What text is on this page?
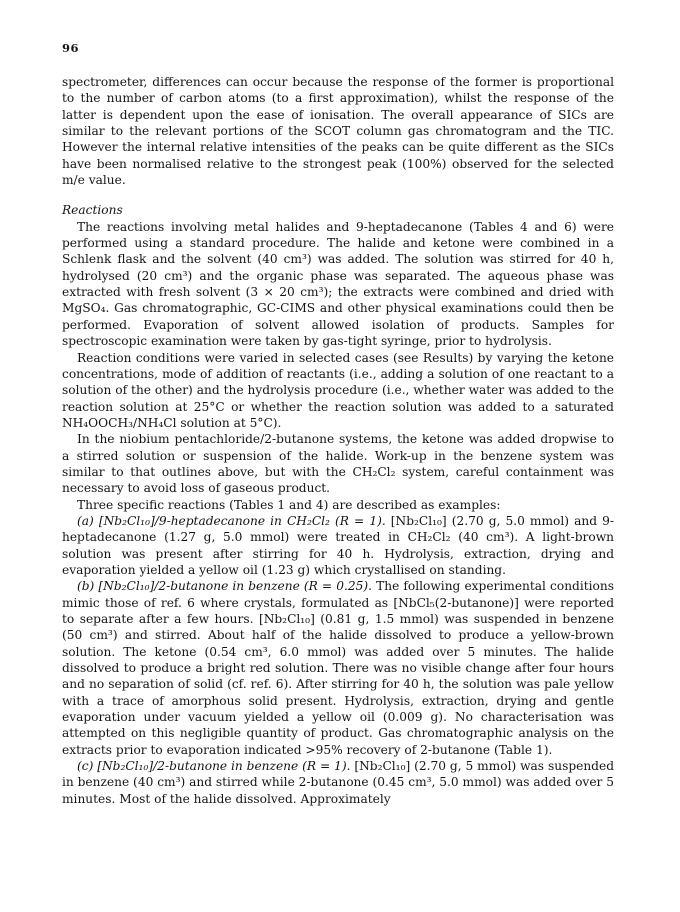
96

spectrometer, differences can occur because the response of the former is proportional to the number of carbon atoms (to a first approximation), whilst the response of the latter is dependent upon the ease of ionisation. The overall appearance of SICs are similar to the relevant portions of the SCOT column gas chromatogram and the TIC. However the internal relative intensities of the peaks can be quite different as the SICs have been normalised relative to the strongest peak (100%) observed for the selected m/e value.

Reactions

The reactions involving metal halides and 9-heptadecanone (Tables 4 and 6) were performed using a standard procedure. The halide and ketone were combined in a Schlenk flask and the solvent (40 cm³) was added. The solution was stirred for 40 h, hydrolysed (20 cm³) and the organic phase was separated. The aqueous phase was extracted with fresh solvent (3 × 20 cm³); the extracts were combined and dried with MgSO₄. Gas chromatographic, GC-CIMS and other physical examinations could then be performed. Evaporation of solvent allowed isolation of products. Samples for spectroscopic examination were taken by gas-tight syringe, prior to hydrolysis.

Reaction conditions were varied in selected cases (see Results) by varying the ketone concentrations, mode of addition of reactants (i.e., adding a solution of one reactant to a solution of the other) and the hydrolysis procedure (i.e., whether water was added to the reaction solution at 25°C or whether the reaction solution was added to a saturated NH₄OOCH₃/NH₄Cl solution at 5°C).

In the niobium pentachloride/2-butanone systems, the ketone was added dropwise to a stirred solution or suspension of the halide. Work-up in the benzene system was similar to that outlines above, but with the CH₂Cl₂ system, careful containment was necessary to avoid loss of gaseous product.

Three specific reactions (Tables 1 and 4) are described as examples:

(a) [Nb₂Cl₁₀]/9-heptadecanone in CH₂Cl₂ (R = 1). [Nb₂Cl₁₀] (2.70 g, 5.0 mmol) and 9-heptadecanone (1.27 g, 5.0 mmol) were treated in CH₂Cl₂ (40 cm³). A light-brown solution was present after stirring for 40 h. Hydrolysis, extraction, drying and evaporation yielded a yellow oil (1.23 g) which crystallised on standing.

(b) [Nb₂Cl₁₀]/2-butanone in benzene (R = 0.25). The following experimental conditions mimic those of ref. 6 where crystals, formulated as [NbCl₅(2-butanone)] were reported to separate after a few hours. [Nb₂Cl₁₀] (0.81 g, 1.5 mmol) was suspended in benzene (50 cm³) and stirred. About half of the halide dissolved to produce a yellow-brown solution. The ketone (0.54 cm³, 6.0 mmol) was added over 5 minutes. The halide dissolved to produce a bright red solution. There was no visible change after four hours and no separation of solid (cf. ref. 6). After stirring for 40 h, the solution was pale yellow with a trace of amorphous solid present. Hydrolysis, extraction, drying and gentle evaporation under vacuum yielded a yellow oil (0.009 g). No characterisation was attempted on this negligible quantity of product. Gas chromatographic analysis on the extracts prior to evaporation indicated >95% recovery of 2-butanone (Table 1).

(c) [Nb₂Cl₁₀]/2-butanone in benzene (R = 1). [Nb₂Cl₁₀] (2.70 g, 5 mmol) was suspended in benzene (40 cm³) and stirred while 2-butanone (0.45 cm³, 5.0 mmol) was added over 5 minutes. Most of the halide dissolved. Approximately
